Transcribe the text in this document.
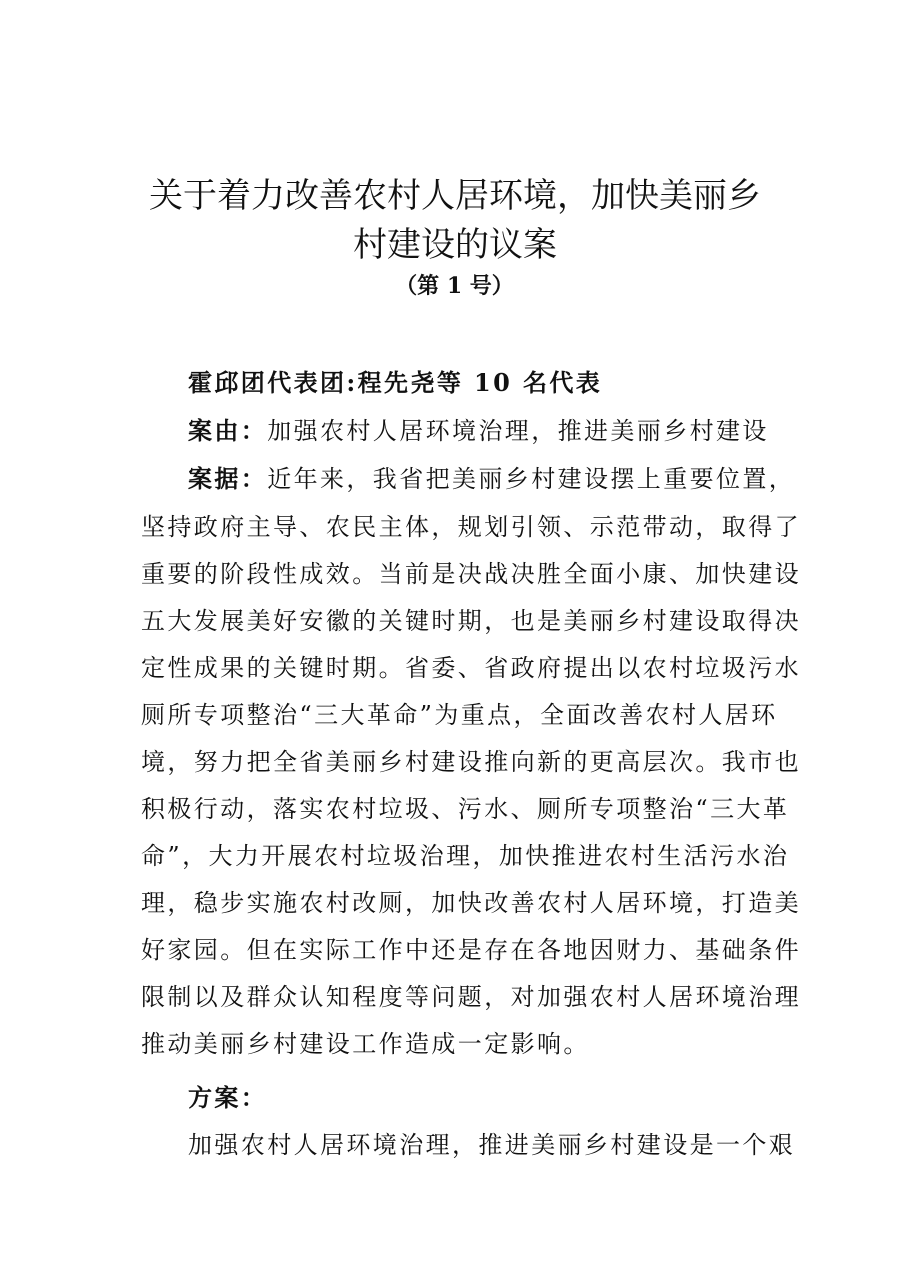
关于着力改善农村人居环境，加快美丽乡
村建设的议案
（第 1 号）
霍邱团代表团:程先尧等 10 名代表
案由：加强农村人居环境治理，推进美丽乡村建设
案据：近年来，我省把美丽乡村建设摆上重要位置，
坚持政府主导、农民主体，规划引领、示范带动，取得了
重要的阶段性成效。当前是决战决胜全面小康、加快建设
五大发展美好安徽的关键时期，也是美丽乡村建设取得决
定性成果的关键时期。省委、省政府提出以农村垃圾污水
厕所专项整治“三大革命”为重点，全面改善农村人居环
境，努力把全省美丽乡村建设推向新的更高层次。我市也
积极行动，落实农村垃圾、污水、厕所专项整治“三大革
命”，大力开展农村垃圾治理，加快推进农村生活污水治
理，稳步实施农村改厕，加快改善农村人居环境，打造美
好家园。但在实际工作中还是存在各地因财力、基础条件
限制以及群众认知程度等问题，对加强农村人居环境治理
推动美丽乡村建设工作造成一定影响。
方案：
加强农村人居环境治理，推进美丽乡村建设是一个艰
